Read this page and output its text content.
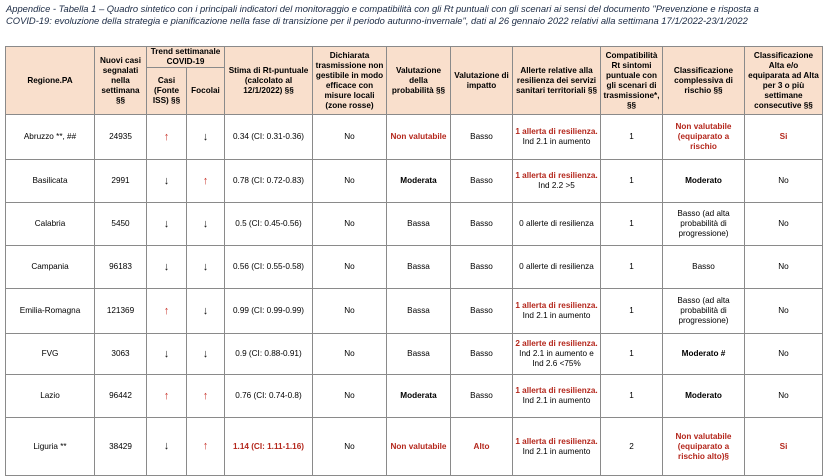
Appendice - Tabella 1 – Quadro sintetico con i principali indicatori del monitoraggio e compatibilità con gli Rt puntuali con gli scenari ai sensi del documento "Prevenzione e risposta a COVID-19: evoluzione della strategia e pianificazione nella fase di transizione per il periodo autunno-invernale", dati al 26 gennaio 2022 relativi alla settimana 17/1/2022-23/1/2022
Regione.PA	Nuovi casi segnalati nella settimana §§	Trend settimanale COVID-19		Stima di Rt-puntuale (calcolato al 12/1/2022) §§	Dichiarata trasmissione non gestibile in modo efficace con misure locali (zone rosse)	Valutazione della probabilità §§	Valutazione di impatto	Allerte relative alla resilienza dei servizi sanitari territoriali §§	Compatibilità Rt sintomi puntuale con gli scenari di trasmissione*, §§	Classificazione complessiva di rischio §§	Classificazione Alta e/o equiparata ad Alta per 3 o più settimane consecutive §§
		Casi (Fonte ISS) §§	Focolai								
Abruzzo **, ##	24935	↑	↓	0.34 (CI: 0.31-0.36)	No	Non valutabile	Basso	1 allerta di resilienza. Ind 2.1 in aumento	1	Non valutabile (equiparato a rischio	Si
Basilicata	2991	↓	↑	0.78 (CI: 0.72-0.83)	No	Moderata	Basso	1 allerta di resilienza. Ind 2.2 >5	1	Moderato	No
Calabria	5450	↓	↓	0.5 (CI: 0.45-0.56)	No	Bassa	Basso	0 allerte di resilienza	1	Basso (ad alta probabilità di progressione)	No
Campania	96183	↓	↓	0.56 (CI: 0.55-0.58)	No	Bassa	Basso	0 allerte di resilienza	1	Basso	No
Emilia-Romagna	121369	↑	↓	0.99 (CI: 0.99-0.99)	No	Bassa	Basso	1 allerta di resilienza. Ind 2.1 in aumento	1	Basso (ad alta probabilità di progressione)	No
FVG	3063	↓	↓	0.9 (CI: 0.88-0.91)	No	Bassa	Basso	2 allerte di resilienza. Ind 2.1 in aumento e Ind 2.6 <75%	1	Moderato #	No
Lazio	96442	↑	↑	0.76 (CI: 0.74-0.8)	No	Moderata	Basso	1 allerta di resilienza. Ind 2.1 in aumento	1	Moderato	No
Liguria **	38429	↓	↑	1.14 (CI: 1.11-1.16)	No	Non valutabile	Alto	1 allerta di resilienza. Ind 2.1 in aumento	2	Non valutabile (equiparato a rischio alto)§	Si
